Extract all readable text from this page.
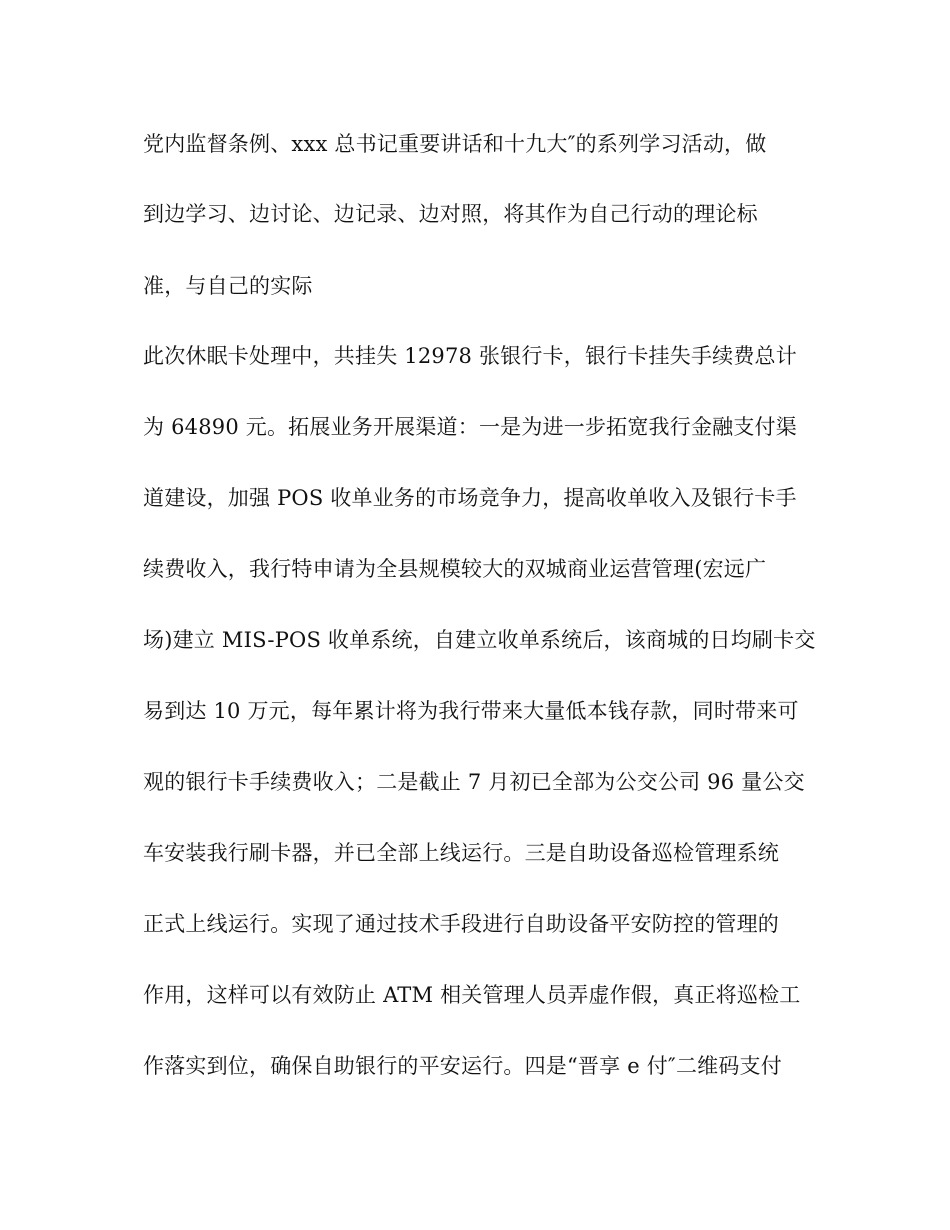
党内监督条例、xxx 总书记重要讲话和十九大″的系列学习活动，做
到边学习、边讨论、边记录、边对照，将其作为自己行动的理论标
准，与自己的实际
此次休眠卡处理中，共挂失 12978 张银行卡，银行卡挂失手续费总计
为 64890 元。拓展业务开展渠道：一是为进一步拓宽我行金融支付渠
道建设，加强 POS 收单业务的市场竞争力，提高收单收入及银行卡手
续费收入，我行特申请为全县规模较大的双城商业运营管理(宏远广
场)建立 MIS-POS 收单系统，自建立收单系统后，该商城的日均刷卡交
易到达 10 万元，每年累计将为我行带来大量低本钱存款，同时带来可
观的银行卡手续费收入；二是截止 7 月初已全部为公交公司 96 量公交
车安装我行刷卡器，并已全部上线运行。三是自助设备巡检管理系统
正式上线运行。实现了通过技术手段进行自助设备平安防控的管理的
作用，这样可以有效防止 ATM 相关管理人员弄虚作假，真正将巡检工
作落实到位，确保自助银行的平安运行。四是“晋享 e 付″二维码支付
